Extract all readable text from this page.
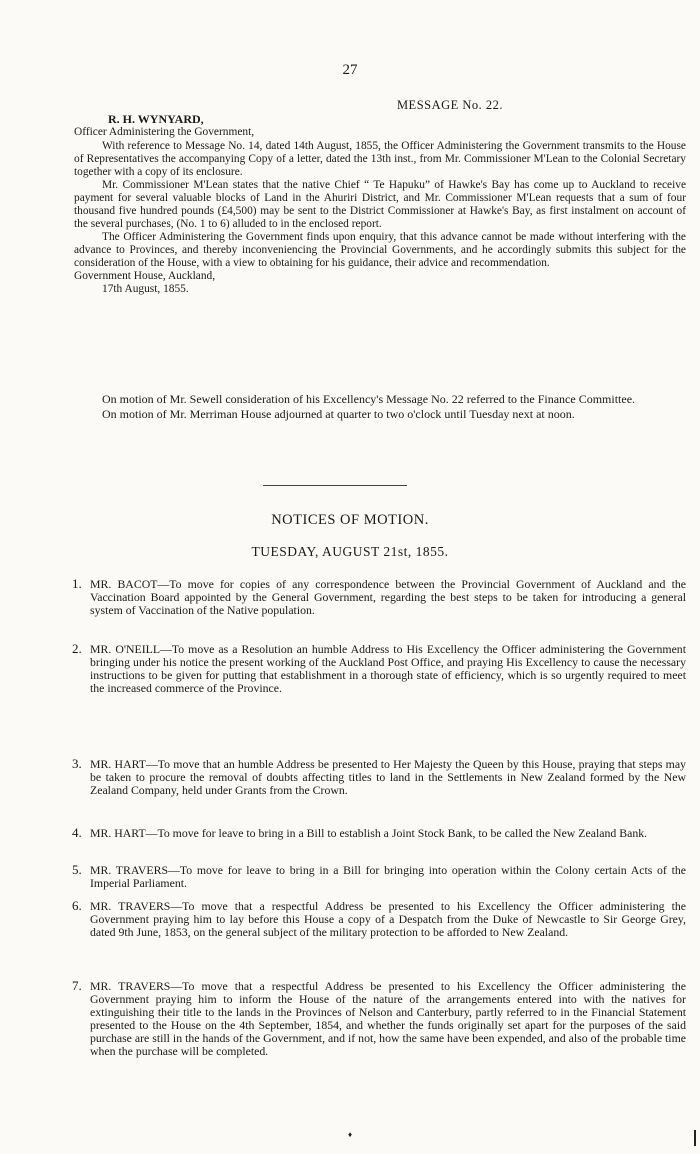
27
MESSAGE No. 22.
R. H. WYNYARD,
Officer Administering the Government,

With reference to Message No. 14, dated 14th August, 1855, the Officer Administering the Government transmits to the House of Representatives the accompanying Copy of a letter, dated the 13th inst., from Mr. Commissioner M'Lean to the Colonial Secretary together with a copy of its enclosure.

Mr. Commissioner M'Lean states that the native Chief “ Te Hapuku” of Hawke's Bay has come up to Auckland to receive payment for several valuable blocks of Land in the Ahuriri District, and Mr. Commissioner M'Lean requests that a sum of four thousand five hundred pounds (£4,500) may be sent to the District Commissioner at Hawke's Bay, as first instalment on account of the several purchases, (No. 1 to 6) alluded to in the enclosed report.

The Officer Administering the Government finds upon enquiry, that this advance cannot be made without interfering with the advance to Provinces, and thereby inconveniencing the Provincial Governments, and he accordingly submits this subject for the consideration of the House, with a view to obtaining for his guidance, their advice and recommendation.

Government House, Auckland,

17th August, 1855.

On motion of Mr. Sewell consideration of his Excellency's Message No. 22 referred to the Finance Committee.

On motion of Mr. Merriman House adjourned at quarter to two o'clock until Tuesday next at noon.

NOTICES OF MOTION.
TUESDAY, AUGUST 21st, 1855.
1. MR. BACOT—To move for copies of any correspondence between the Provincial Government of Auckland and the Vaccination Board appointed by the General Government, regarding the best steps to be taken for introducing a general system of Vaccination of the Native population.
2. MR. O'NEILL—To move as a Resolution an humble Address to His Excellency the Officer administering the Government bringing under his notice the present working of the Auckland Post Office, and praying His Excellency to cause the necessary instructions to be given for putting that establishment in a thorough state of efficiency, which is so urgently required to meet the increased commerce of the Province.
3. MR. HART—To move that an humble Address be presented to Her Majesty the Queen by this House, praying that steps may be taken to procure the removal of doubts affecting titles to land in the Settlements in New Zealand formed by the New Zealand Company, held under Grants from the Crown.
4. MR. HART—To move for leave to bring in a Bill to establish a Joint Stock Bank, to be called the New Zealand Bank.
5. MR. TRAVERS—To move for leave to bring in a Bill for bringing into operation within the Colony certain Acts of the Imperial Parliament.
6. MR. TRAVERS—To move that a respectful Address be presented to his Excellency the Officer administering the Government praying him to lay before this House a copy of a Despatch from the Duke of Newcastle to Sir George Grey, dated 9th June, 1853, on the general subject of the military protection to be afforded to New Zealand.
7. MR. TRAVERS—To move that a respectful Address be presented to his Excellency the Officer administering the Government praying him to inform the House of the nature of the arrangements entered into with the natives for extinguishing their title to the lands in the Provinces of Nelson and Canterbury, partly referred to in the Financial Statement presented to the House on the 4th September, 1854, and whether the funds originally set apart for the purposes of the said purchase are still in the hands of the Government, and if not, how the same have been expended, and also of the probable time when the purchase will be completed.
♦
